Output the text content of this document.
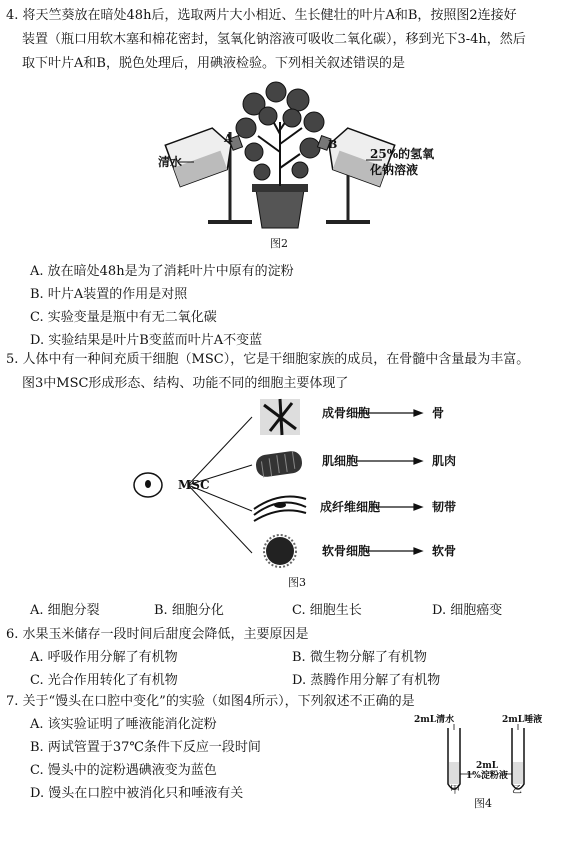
4. 将天竺葵放在暗处48h后，选取两片大小相近、生长健壮的叶片A和B，按照图2连接好
装置（瓶口用软木塞和棉花密封，氢氧化钠溶液可吸收二氧化碳），移到光下3-4h，然后
取下叶片A和B，脱色处理后，用碘液检验。下列相关叙述错误的是
A	B
清水
25%的氢氧
化钠溶液
图2
A. 放在暗处48h是为了消耗叶片中原有的淀粉
B. 叶片A装置的作用是对照
C. 实验变量是瓶中有无二氧化碳
D. 实验结果是叶片B变蓝而叶片A不变蓝
5. 人体中有一种间充质干细胞（MSC），它是干细胞家族的成员，在骨髓中含量最为丰富。
图3中MSC形成形态、结构、功能不同的细胞主要体现了
MSC
成骨细胞	骨
肌细胞	肌肉
成纤维细胞	韧带
软骨细胞	软骨
图3
A. 细胞分裂	B. 细胞分化	C. 细胞生长	D. 细胞癌变
6. 水果玉米储存一段时间后甜度会降低，主要原因是
A. 呼吸作用分解了有机物	B. 微生物分解了有机物
C. 光合作用转化了有机物	D. 蒸腾作用分解了有机物
7. 关于“馒头在口腔中变化”的实验（如图4所示），下列叙述不正确的是
A. 该实验证明了唾液能消化淀粉
B. 两试管置于37℃条件下反应一段时间
C. 馒头中的淀粉遇碘液变为蓝色
D. 馒头在口腔中被消化只和唾液有关
2mL清水	2mL唾液
2mL
1%淀粉液
甲	乙
图4
